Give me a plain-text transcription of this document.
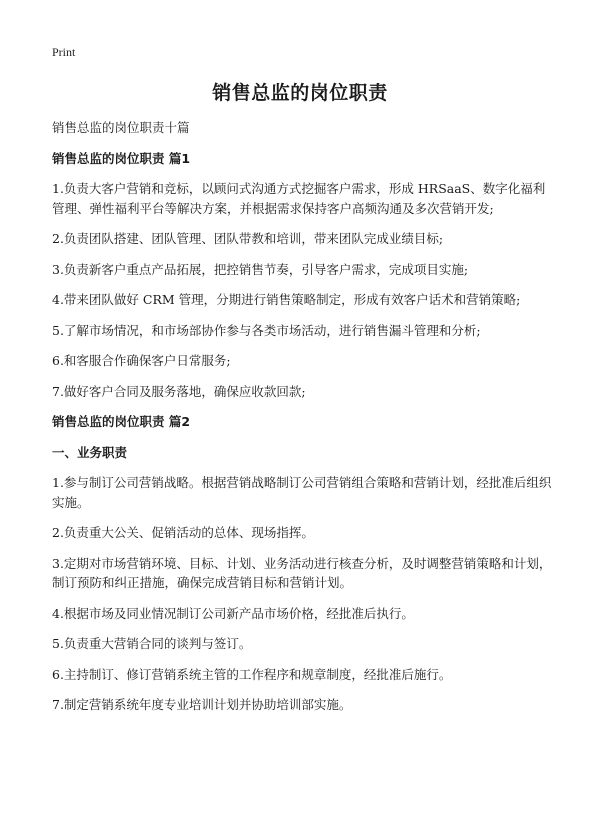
Print
销售总监的岗位职责

销售总监的岗位职责十篇

销售总监的岗位职责 篇1

1.负责大客户营销和竞标，以顾问式沟通方式挖掘客户需求，形成 HRSaaS、数字化福利管理、弹性福利平台等解决方案，并根据需求保持客户高频沟通及多次营销开发;

2.负责团队搭建、团队管理、团队带教和培训，带来团队完成业绩目标;

3.负责新客户重点产品拓展，把控销售节奏，引导客户需求，完成项目实施;

4.带来团队做好 CRM 管理，分期进行销售策略制定，形成有效客户话术和营销策略;

5.了解市场情况，和市场部协作参与各类市场活动，进行销售漏斗管理和分析;

6.和客服合作确保客户日常服务;

7.做好客户合同及服务落地，确保应收款回款;

销售总监的岗位职责 篇2

一、业务职责

1.参与制订公司营销战略。根据营销战略制订公司营销组合策略和营销计划，经批准后组织实施。

2.负责重大公关、促销活动的总体、现场指挥。

3.定期对市场营销环境、目标、计划、业务活动进行核查分析，及时调整营销策略和计划，制订预防和纠正措施，确保完成营销目标和营销计划。

4.根据市场及同业情况制订公司新产品市场价格，经批准后执行。

5.负责重大营销合同的谈判与签订。

6.主持制订、修订营销系统主管的工作程序和规章制度，经批准后施行。

7.制定营销系统年度专业培训计划并协助培训部实施。
